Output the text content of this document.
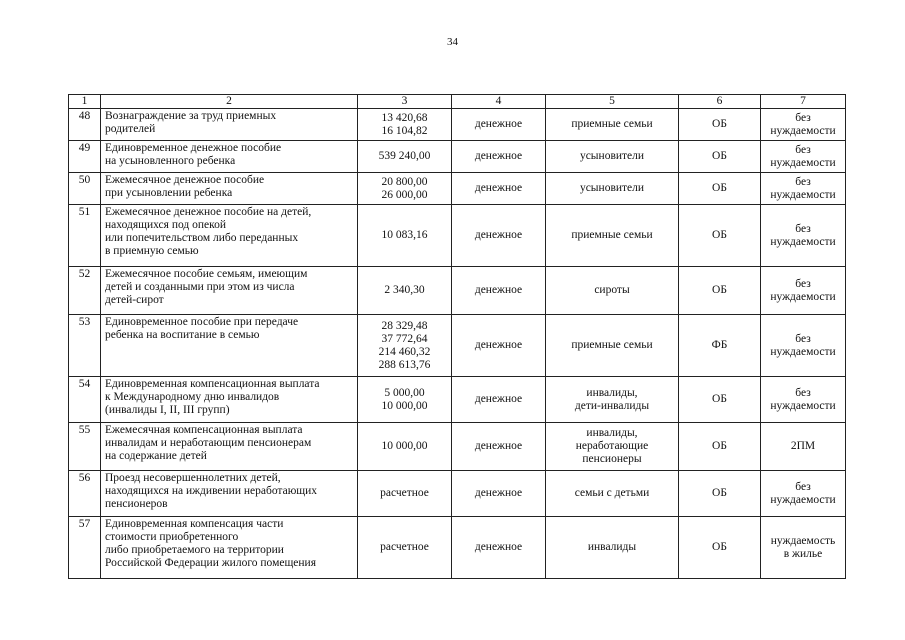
34
1	2	3	4	5	6	7
48	Вознаграждение за труд приемных
родителей	13 420,68
16 104,82	денежное	приемные семьи	ОБ	без
нуждаемости

49	Единовременное денежное пособие
на усыновленного ребенка	539 240,00	денежное	усыновители	ОБ	без
нуждаемости

50	Ежемесячное денежное пособие
при усыновлении ребенка	20 800,00
26 000,00	денежное	усыновители	ОБ	без
нуждаемости

51	Ежемесячное денежное пособие на детей,
находящихся под опекой
или попечительством либо переданных
в приемную семью	10 083,16	денежное	приемные семьи	ОБ	без
нуждаемости

52	Ежемесячное пособие семьям, имеющим
детей и созданными при этом из числа
детей-сирот	2 340,30	денежное	сироты	ОБ	без
нуждаемости

53	Единовременное пособие при передаче
ребенка на воспитание в семью	28 329,48
37 772,64
214 460,32
288 613,76	денежное	приемные семьи	ФБ	без
нуждаемости

54	Единовременная компенсационная выплата
к Международному дню инвалидов
(инвалиды I, II, III групп)	5 000,00
10 000,00	денежное	инвалиды,
дети-инвалиды	ОБ	без
нуждаемости

55	Ежемесячная компенсационная выплата
инвалидам и неработающим пенсионерам
на содержание детей	10 000,00	денежное	инвалиды,
неработающие
пенсионеры	ОБ	2ПМ

56	Проезд несовершеннолетних детей,
находящихся на иждивении неработающих
пенсионеров	расчетное	денежное	семьи с детьми	ОБ	без
нуждаемости

57	Единовременная компенсация части
стоимости приобретенного
либо приобретаемого на территории
Российской Федерации жилого помещения	расчетное	денежное	инвалиды	ОБ	нуждаемость
в жилье
